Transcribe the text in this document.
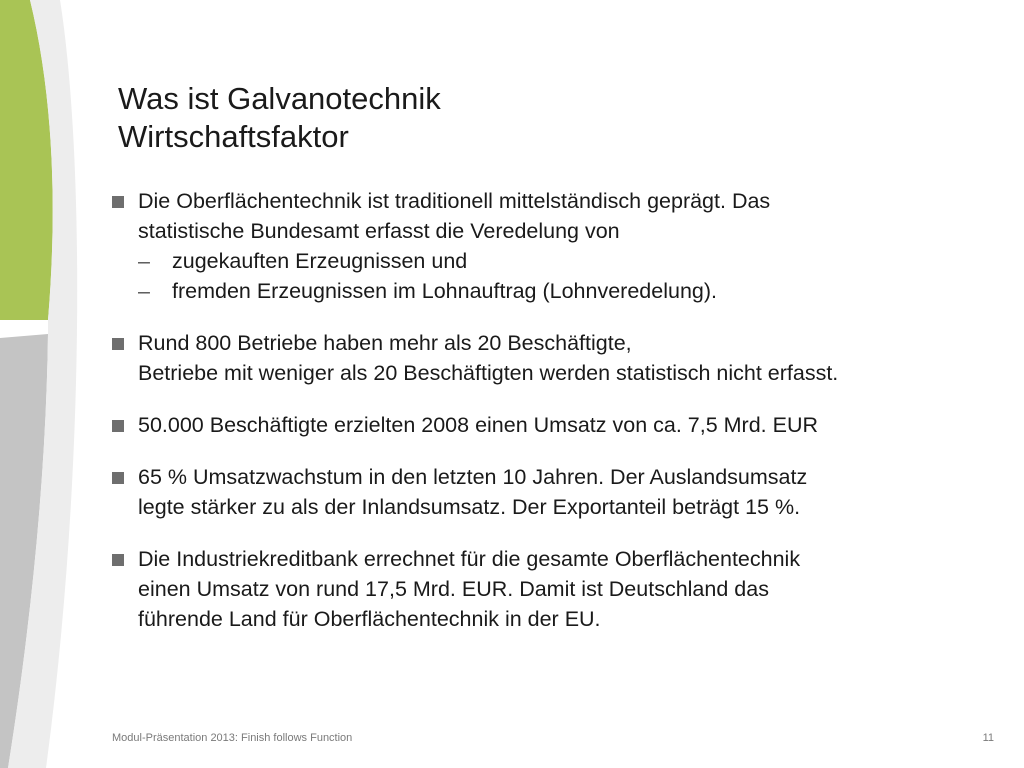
Was ist Galvanotechnik
Wirtschaftsfaktor
Die Oberflächentechnik ist traditionell mittelständisch geprägt. Das
statistische Bundesamt erfasst die Veredelung von
– zugekauften Erzeugnissen und
– fremden Erzeugnissen im Lohnauftrag (Lohnveredelung).
Rund 800 Betriebe haben mehr als 20 Beschäftigte,
Betriebe mit weniger als 20 Beschäftigten werden statistisch nicht erfasst.
50.000 Beschäftigte erzielten 2008 einen Umsatz von ca. 7,5 Mrd. EUR
65 % Umsatzwachstum in den letzten 10 Jahren. Der Auslandsumsatz
legte stärker zu als der Inlandsumsatz. Der Exportanteil beträgt 15 %.
Die Industriekreditbank errechnet für die gesamte Oberflächentechnik
einen Umsatz von rund 17,5 Mrd. EUR. Damit ist Deutschland das
führende Land für Oberflächentechnik in der EU.
Modul-Präsentation 2013: Finish follows Function	11
